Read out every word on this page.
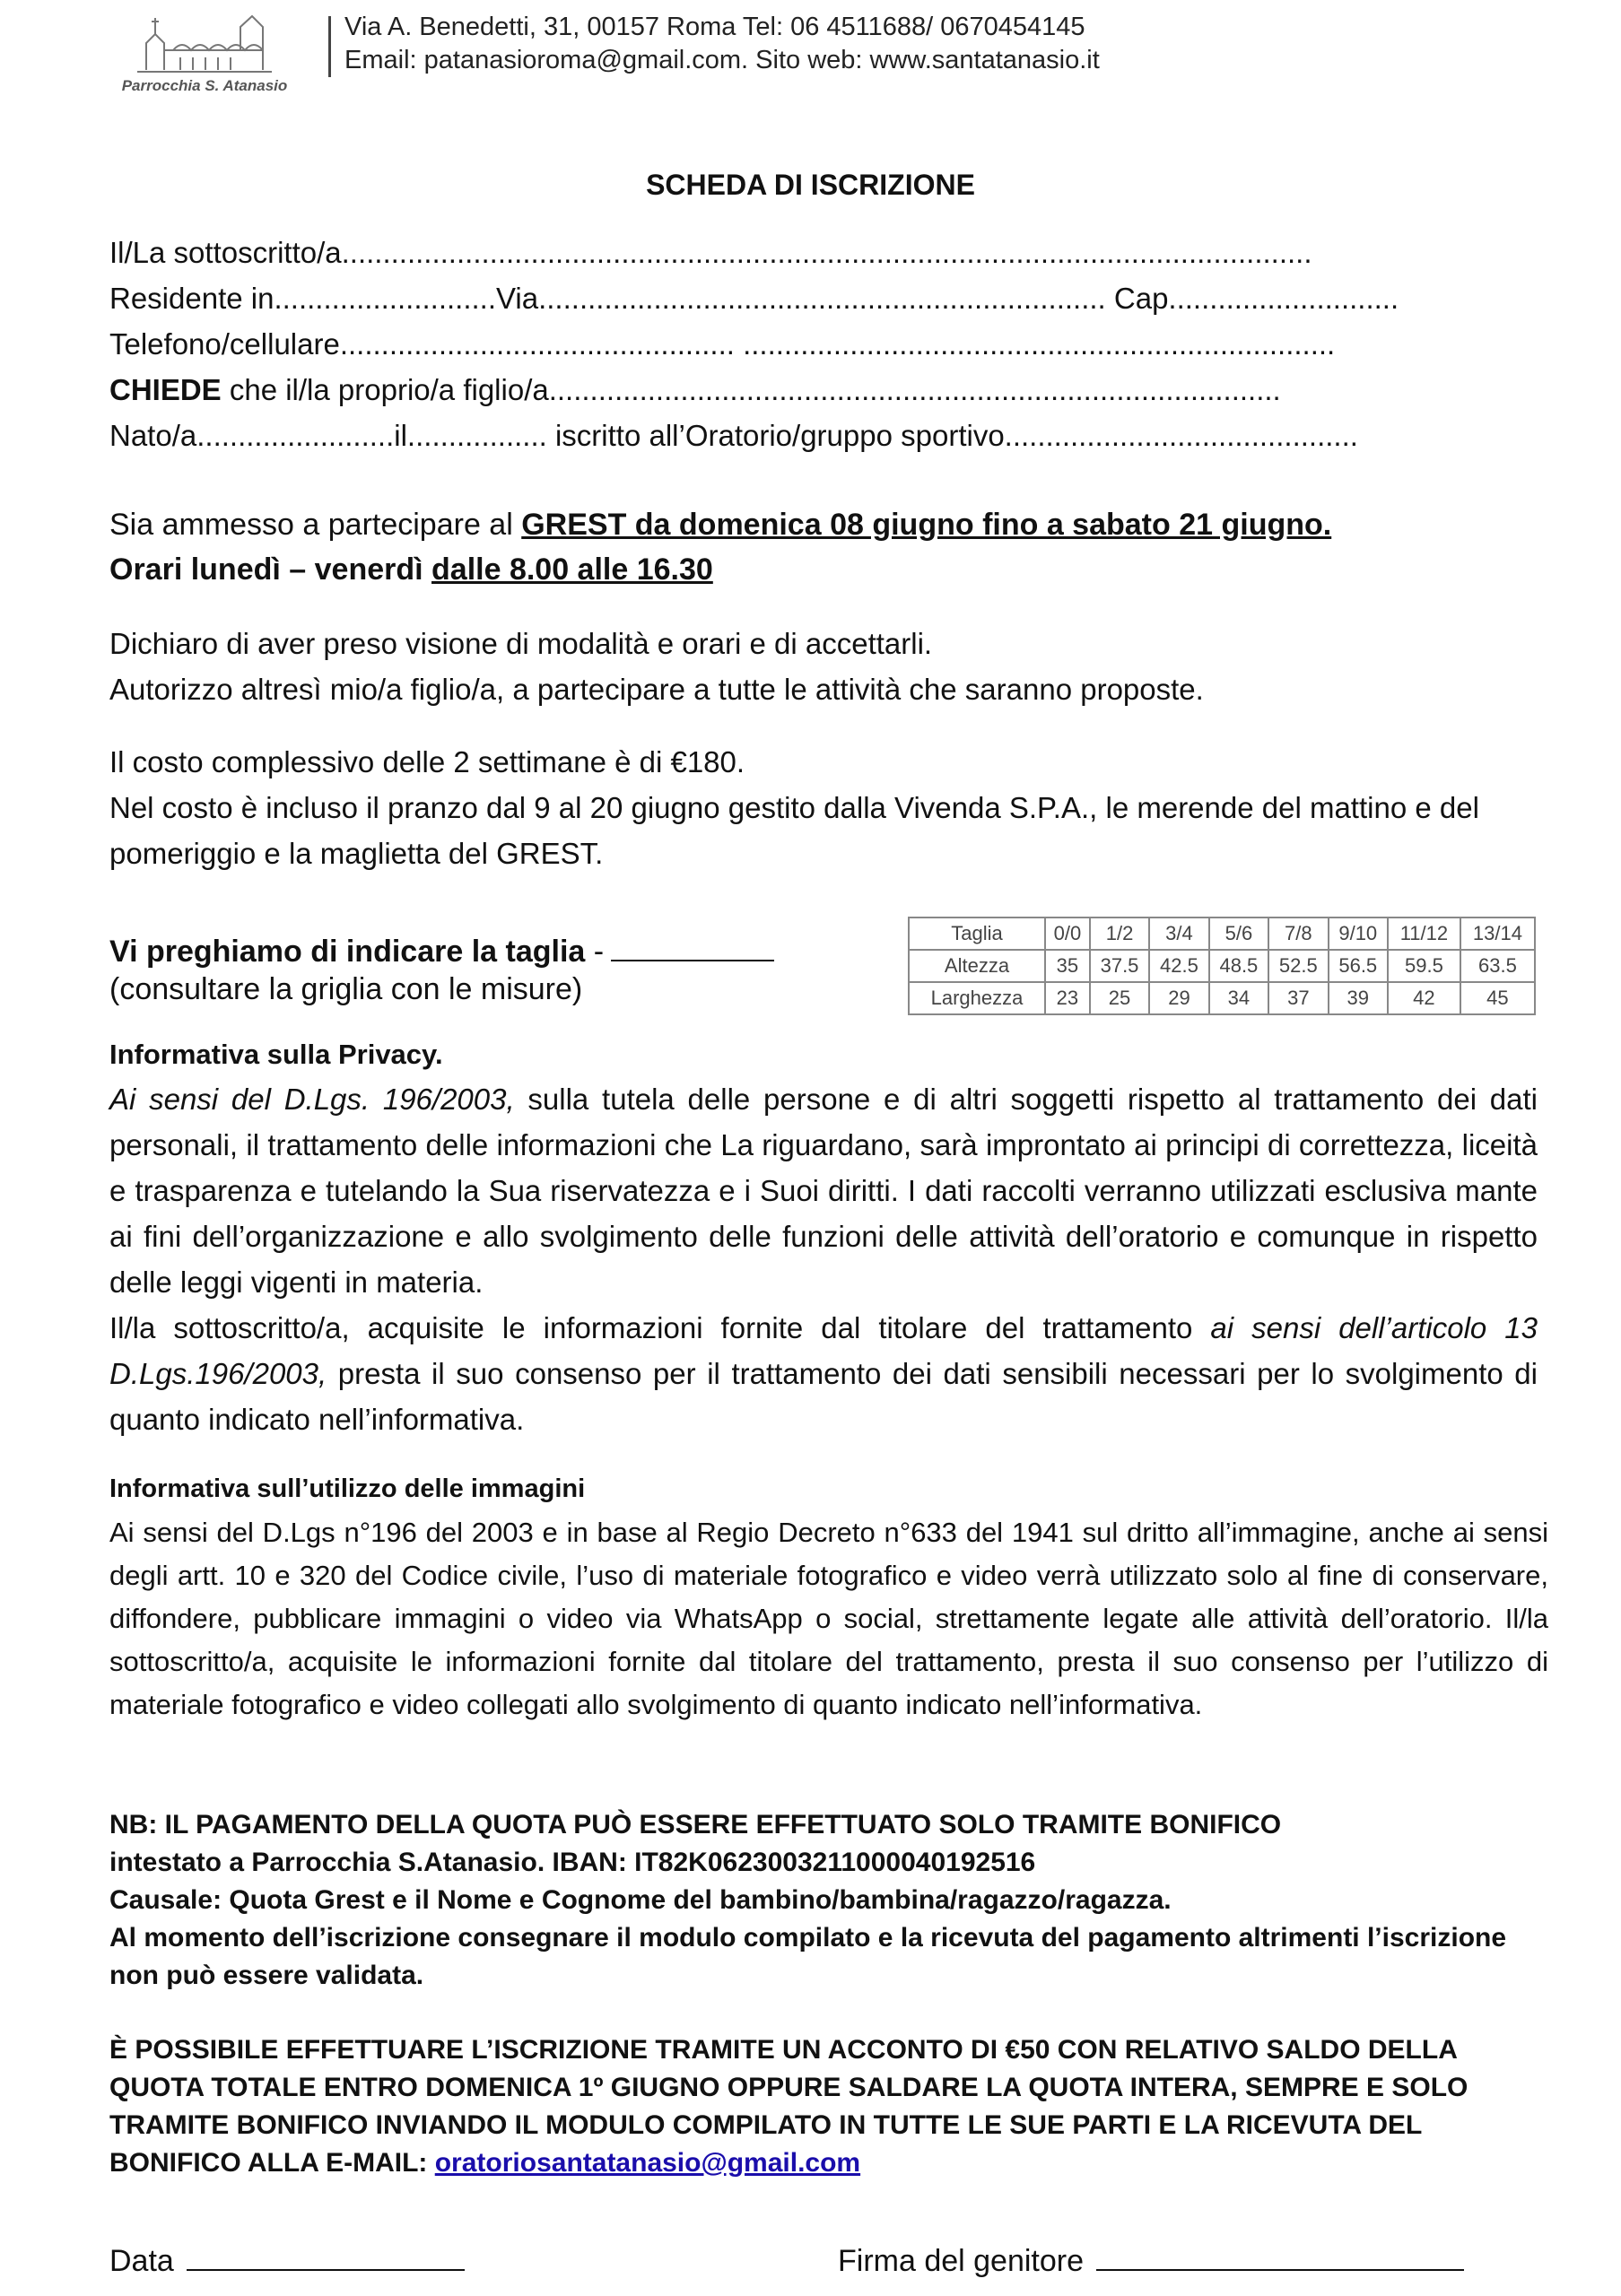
Parrocchia S. Atanasio
Via A. Benedetti, 31, 00157 Roma Tel: 06 4511688/ 0670454145
Email: patanasioroma@gmail.com. Sito web: www.santatanasio.it
SCHEDA DI ISCRIZIONE
Il/La sottoscritto/a......................................................................................................................
Residente in...........................Via..................................................................... Cap............................
Telefono/cellulare................................................ ........................................................................
CHIEDE che il/la proprio/a figlio/a.........................................................................................
Nato/a........................il................. iscritto all’Oratorio/gruppo sportivo...........................................
Sia ammesso a partecipare al GREST da domenica 08 giugno fino a sabato 21 giugno.
Orari lunedì – venerdì dalle 8.00 alle 16.30
Dichiaro di aver preso visione di modalità e orari e di accettarli.
Autorizzo altresì mio/a figlio/a, a partecipare a tutte le attività che saranno proposte.
Il costo complessivo delle 2 settimane è di €180.
Nel costo è incluso il pranzo dal 9 al 20 giugno gestito dalla Vivenda S.P.A., le merende del mattino e del pomeriggio e la maglietta del GREST.
Vi preghiamo di indicare la taglia -
(consultare la griglia con le misure)
Taglia	0/0	1/2	3/4	5/6	7/8	9/10	11/12	13/14
Altezza	35	37.5	42.5	48.5	52.5	56.5	59.5	63.5
Larghezza	23	25	29	34	37	39	42	45
Informativa sulla Privacy.
Ai sensi del D.Lgs. 196/2003, sulla tutela delle persone e di altri soggetti rispetto al trattamento dei dati personali, il trattamento delle informazioni che La riguardano, sarà improntato ai principi di correttezza, liceità e trasparenza e tutelando la Sua riservatezza e i Suoi diritti. I dati raccolti verranno utilizzati esclusiva mante ai fini dell’organizzazione e allo svolgimento delle funzioni delle attività dell’oratorio e comunque in rispetto delle leggi vigenti in materia.
Il/la sottoscritto/a, acquisite le informazioni fornite dal titolare del trattamento ai sensi dell’articolo 13 D.Lgs.196/2003, presta il suo consenso per il trattamento dei dati sensibili necessari per lo svolgimento di quanto indicato nell’informativa.
Informativa sull’utilizzo delle immagini
Ai sensi del D.Lgs n°196 del 2003 e in base al Regio Decreto n°633 del 1941 sul dritto all’immagine, anche ai sensi degli artt. 10 e 320 del Codice civile, l’uso di materiale fotografico e video verrà utilizzato solo al fine di conservare, diffondere, pubblicare immagini o video via WhatsApp o social, strettamente legate alle attività dell’oratorio. Il/la sottoscritto/a, acquisite le informazioni fornite dal titolare del trattamento, presta il suo consenso per l’utilizzo di materiale fotografico e video collegati allo svolgimento di quanto indicato nell’informativa.
NB: IL PAGAMENTO DELLA QUOTA PUÒ ESSERE EFFETTUATO SOLO TRAMITE BONIFICO
intestato a Parrocchia S.Atanasio. IBAN: IT82K0623003211000040192516
Causale: Quota Grest e il Nome e Cognome del bambino/bambina/ragazzo/ragazza.
Al momento dell’iscrizione consegnare il modulo compilato e la ricevuta del pagamento altrimenti l’iscrizione non può essere validata.
È POSSIBILE EFFETTUARE L’ISCRIZIONE TRAMITE UN ACCONTO DI €50 CON RELATIVO SALDO DELLA QUOTA TOTALE ENTRO DOMENICA 1º GIUGNO OPPURE SALDARE LA QUOTA INTERA, SEMPRE E SOLO TRAMITE BONIFICO INVIANDO IL MODULO COMPILATO IN TUTTE LE SUE PARTI E LA RICEVUTA DEL BONIFICO ALLA E-MAIL: oratoriosantatanasio@gmail.com
Data	Firma del genitore
